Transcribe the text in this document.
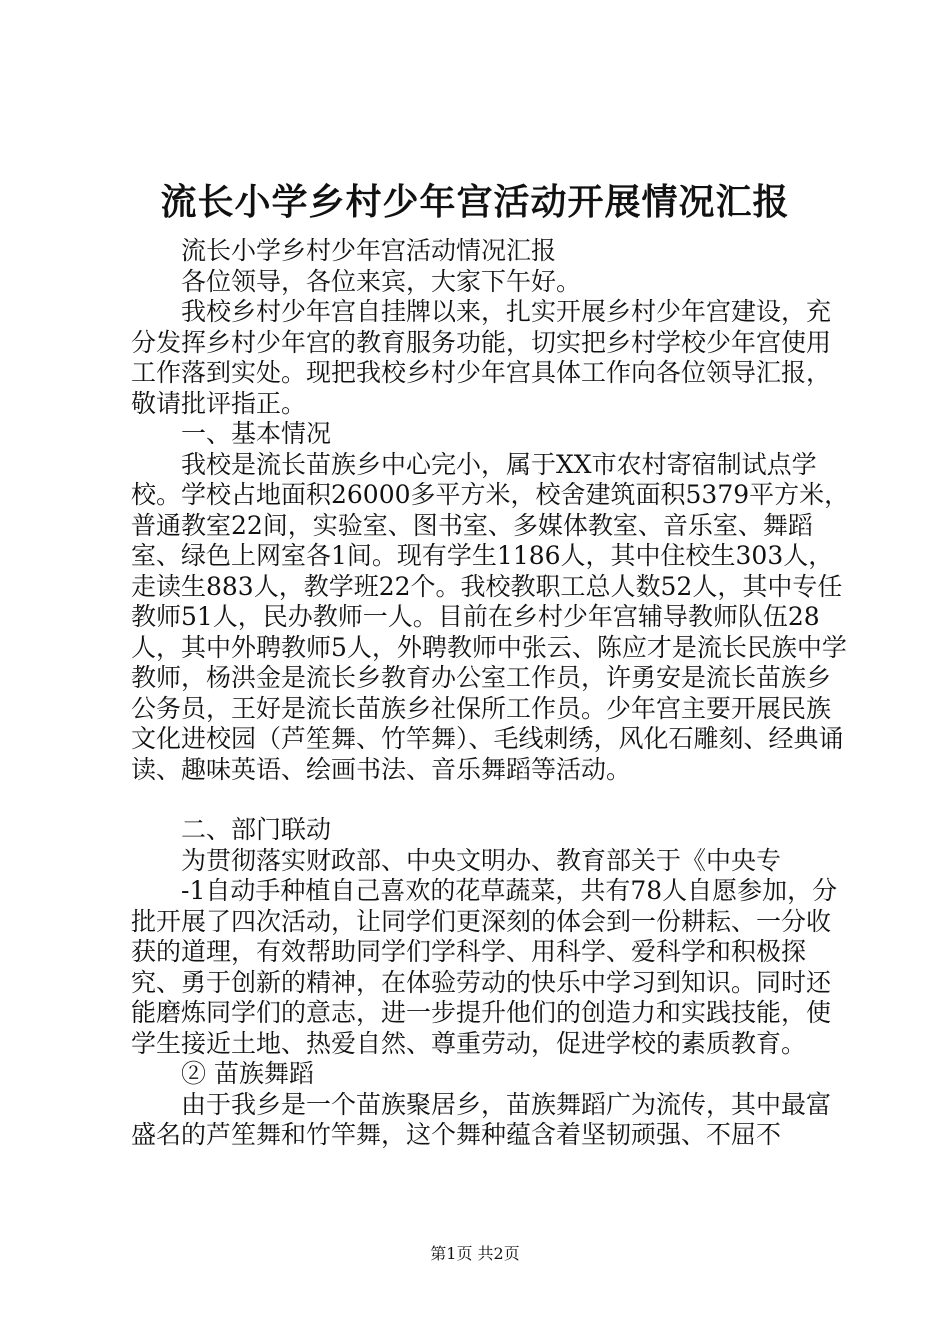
流长小学乡村少年宫活动开展情况汇报

流长小学乡村少年宫活动情况汇报

各位领导，各位来宾，大家下午好。

我校乡村少年宫自挂牌以来，扎实开展乡村少年宫建设，充分发挥乡村少年宫的教育服务功能，切实把乡村学校少年宫使用工作落到实处。现把我校乡村少年宫具体工作向各位领导汇报，敬请批评指正。

一、基本情况

我校是流长苗族乡中心完小，属于XX市农村寄宿制试点学校。学校占地面积26000多平方米，校舍建筑面积5379平方米，普通教室22间，实验室、图书室、多媒体教室、音乐室、舞蹈室、绿色上网室各1间。现有学生1186人，其中住校生303人，走读生883人，教学班22个。我校教职工总人数52人，其中专任教师51人，民办教师一人。目前在乡村少年宫辅导教师队伍28人，其中外聘教师5人，外聘教师中张云、陈应才是流长民族中学教师，杨洪金是流长乡教育办公室工作员，许勇安是流长苗族乡公务员，王好是流长苗族乡社保所工作员。少年宫主要开展民族文化进校园（芦笙舞、竹竿舞）、毛线刺绣，风化石雕刻、经典诵读、趣味英语、绘画书法、音乐舞蹈等活动。

二、部门联动

为贯彻落实财政部、中央文明办、教育部关于《中央专

-1自动手种植自己喜欢的花草蔬菜，共有78人自愿参加，分批开展了四次活动，让同学们更深刻的体会到一份耕耘、一分收获的道理，有效帮助同学们学科学、用科学、爱科学和积极探究、勇于创新的精神，在体验劳动的快乐中学习到知识。同时还能磨炼同学们的意志，进一步提升他们的创造力和实践技能，使学生接近土地、热爱自然、尊重劳动，促进学校的素质教育。

② 苗族舞蹈

由于我乡是一个苗族聚居乡，苗族舞蹈广为流传，其中最富盛名的芦笙舞和竹竿舞，这个舞种蕴含着坚韧顽强、不屈不

第1页 共2页
